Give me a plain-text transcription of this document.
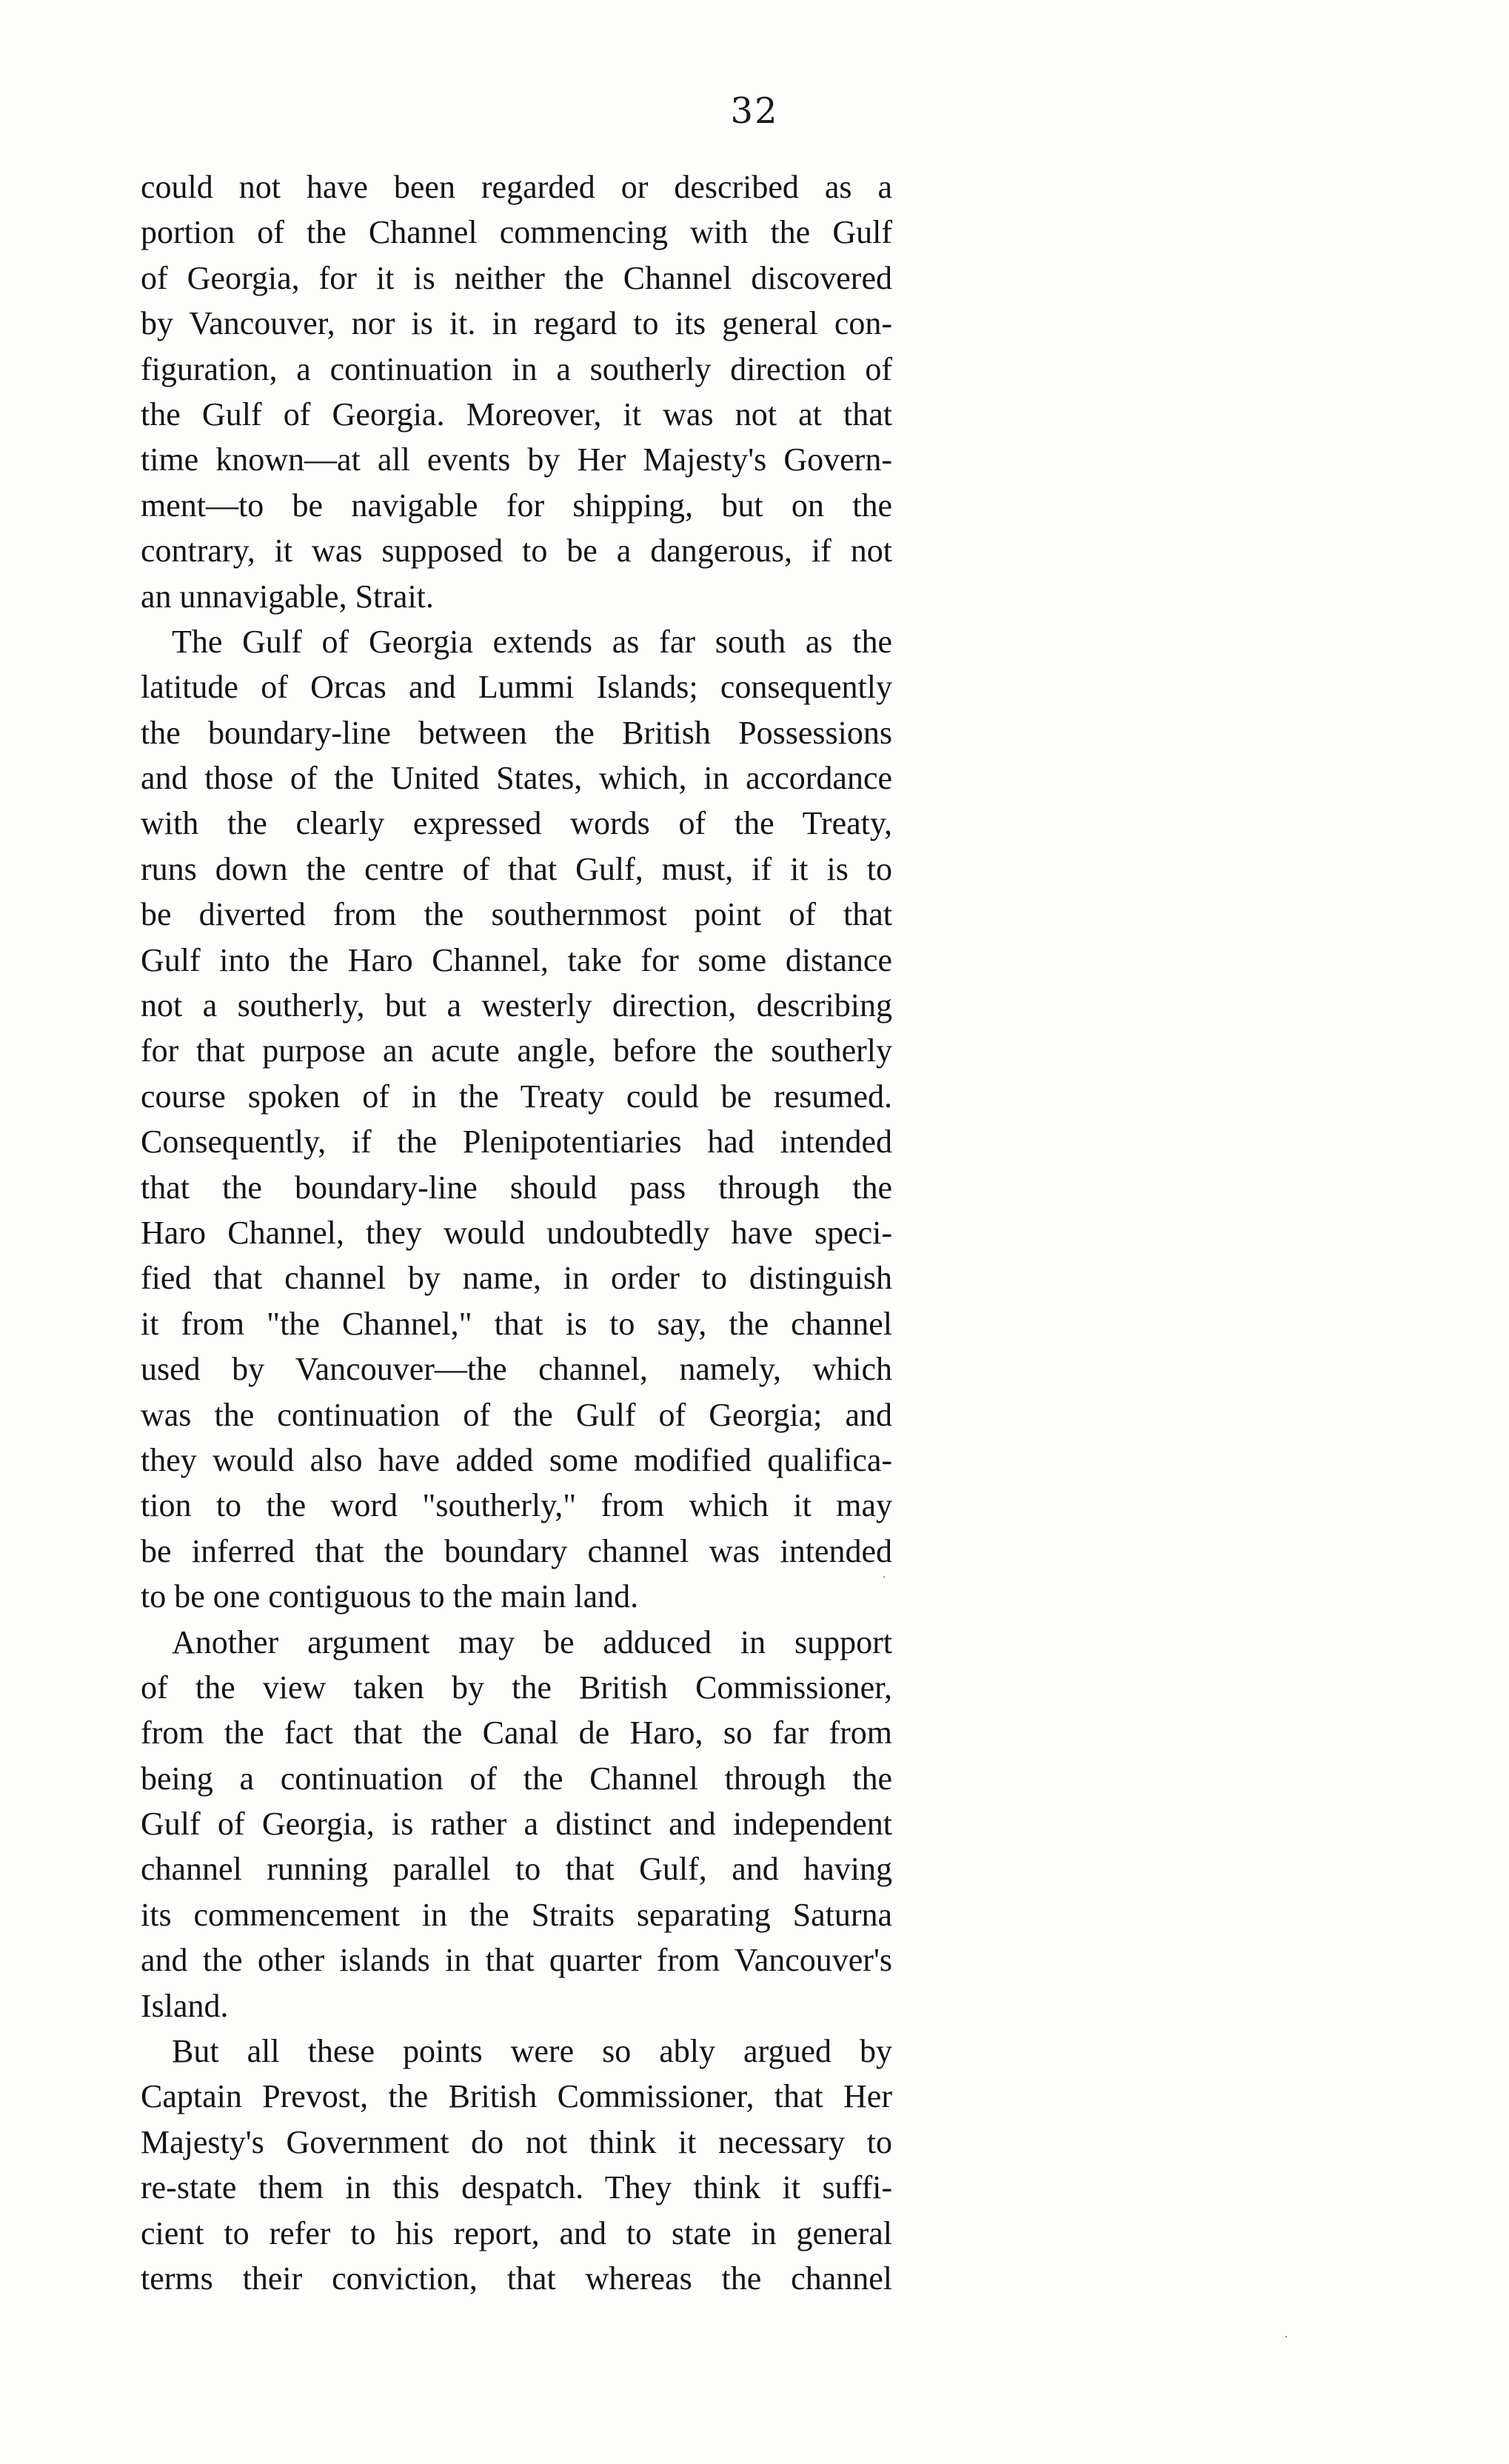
32
could not have been regarded or described as a
portion of the Channel commencing with the Gulf
of Georgia, for it is neither the Channel discovered
by Vancouver, nor is it. in regard to its general con-
figuration, a continuation in a southerly direction of
the Gulf of Georgia. Moreover, it was not at that
time known—at all events by Her Majesty's Govern-
ment—to be navigable for shipping, but on the
contrary, it was supposed to be a dangerous, if not
an unnavigable, Strait.
The Gulf of Georgia extends as far south as the
latitude of Orcas and Lummi Islands; consequently
the boundary-line between the British Possessions
and those of the United States, which, in accordance
with the clearly expressed words of the Treaty,
runs down the centre of that Gulf, must, if it is to
be diverted from the southernmost point of that
Gulf into the Haro Channel, take for some distance
not a southerly, but a westerly direction, describing
for that purpose an acute angle, before the southerly
course spoken of in the Treaty could be resumed.
Consequently, if the Plenipotentiaries had intended
that the boundary-line should pass through the
Haro Channel, they would undoubtedly have speci-
fied that channel by name, in order to distinguish
it from "the Channel," that is to say, the channel
used by Vancouver—the channel, namely, which
was the continuation of the Gulf of Georgia; and
they would also have added some modified qualifica-
tion to the word "southerly," from which it may
be inferred that the boundary channel was intended
to be one contiguous to the main land.
Another argument may be adduced in support
of the view taken by the British Commissioner,
from the fact that the Canal de Haro, so far from
being a continuation of the Channel through the
Gulf of Georgia, is rather a distinct and independent
channel running parallel to that Gulf, and having
its commencement in the Straits separating Saturna
and the other islands in that quarter from Vancouver's
Island.
But all these points were so ably argued by
Captain Prevost, the British Commissioner, that Her
Majesty's Government do not think it necessary to
re-state them in this despatch. They think it suffi-
cient to refer to his report, and to state in general
terms their conviction, that whereas the channel
·
·
